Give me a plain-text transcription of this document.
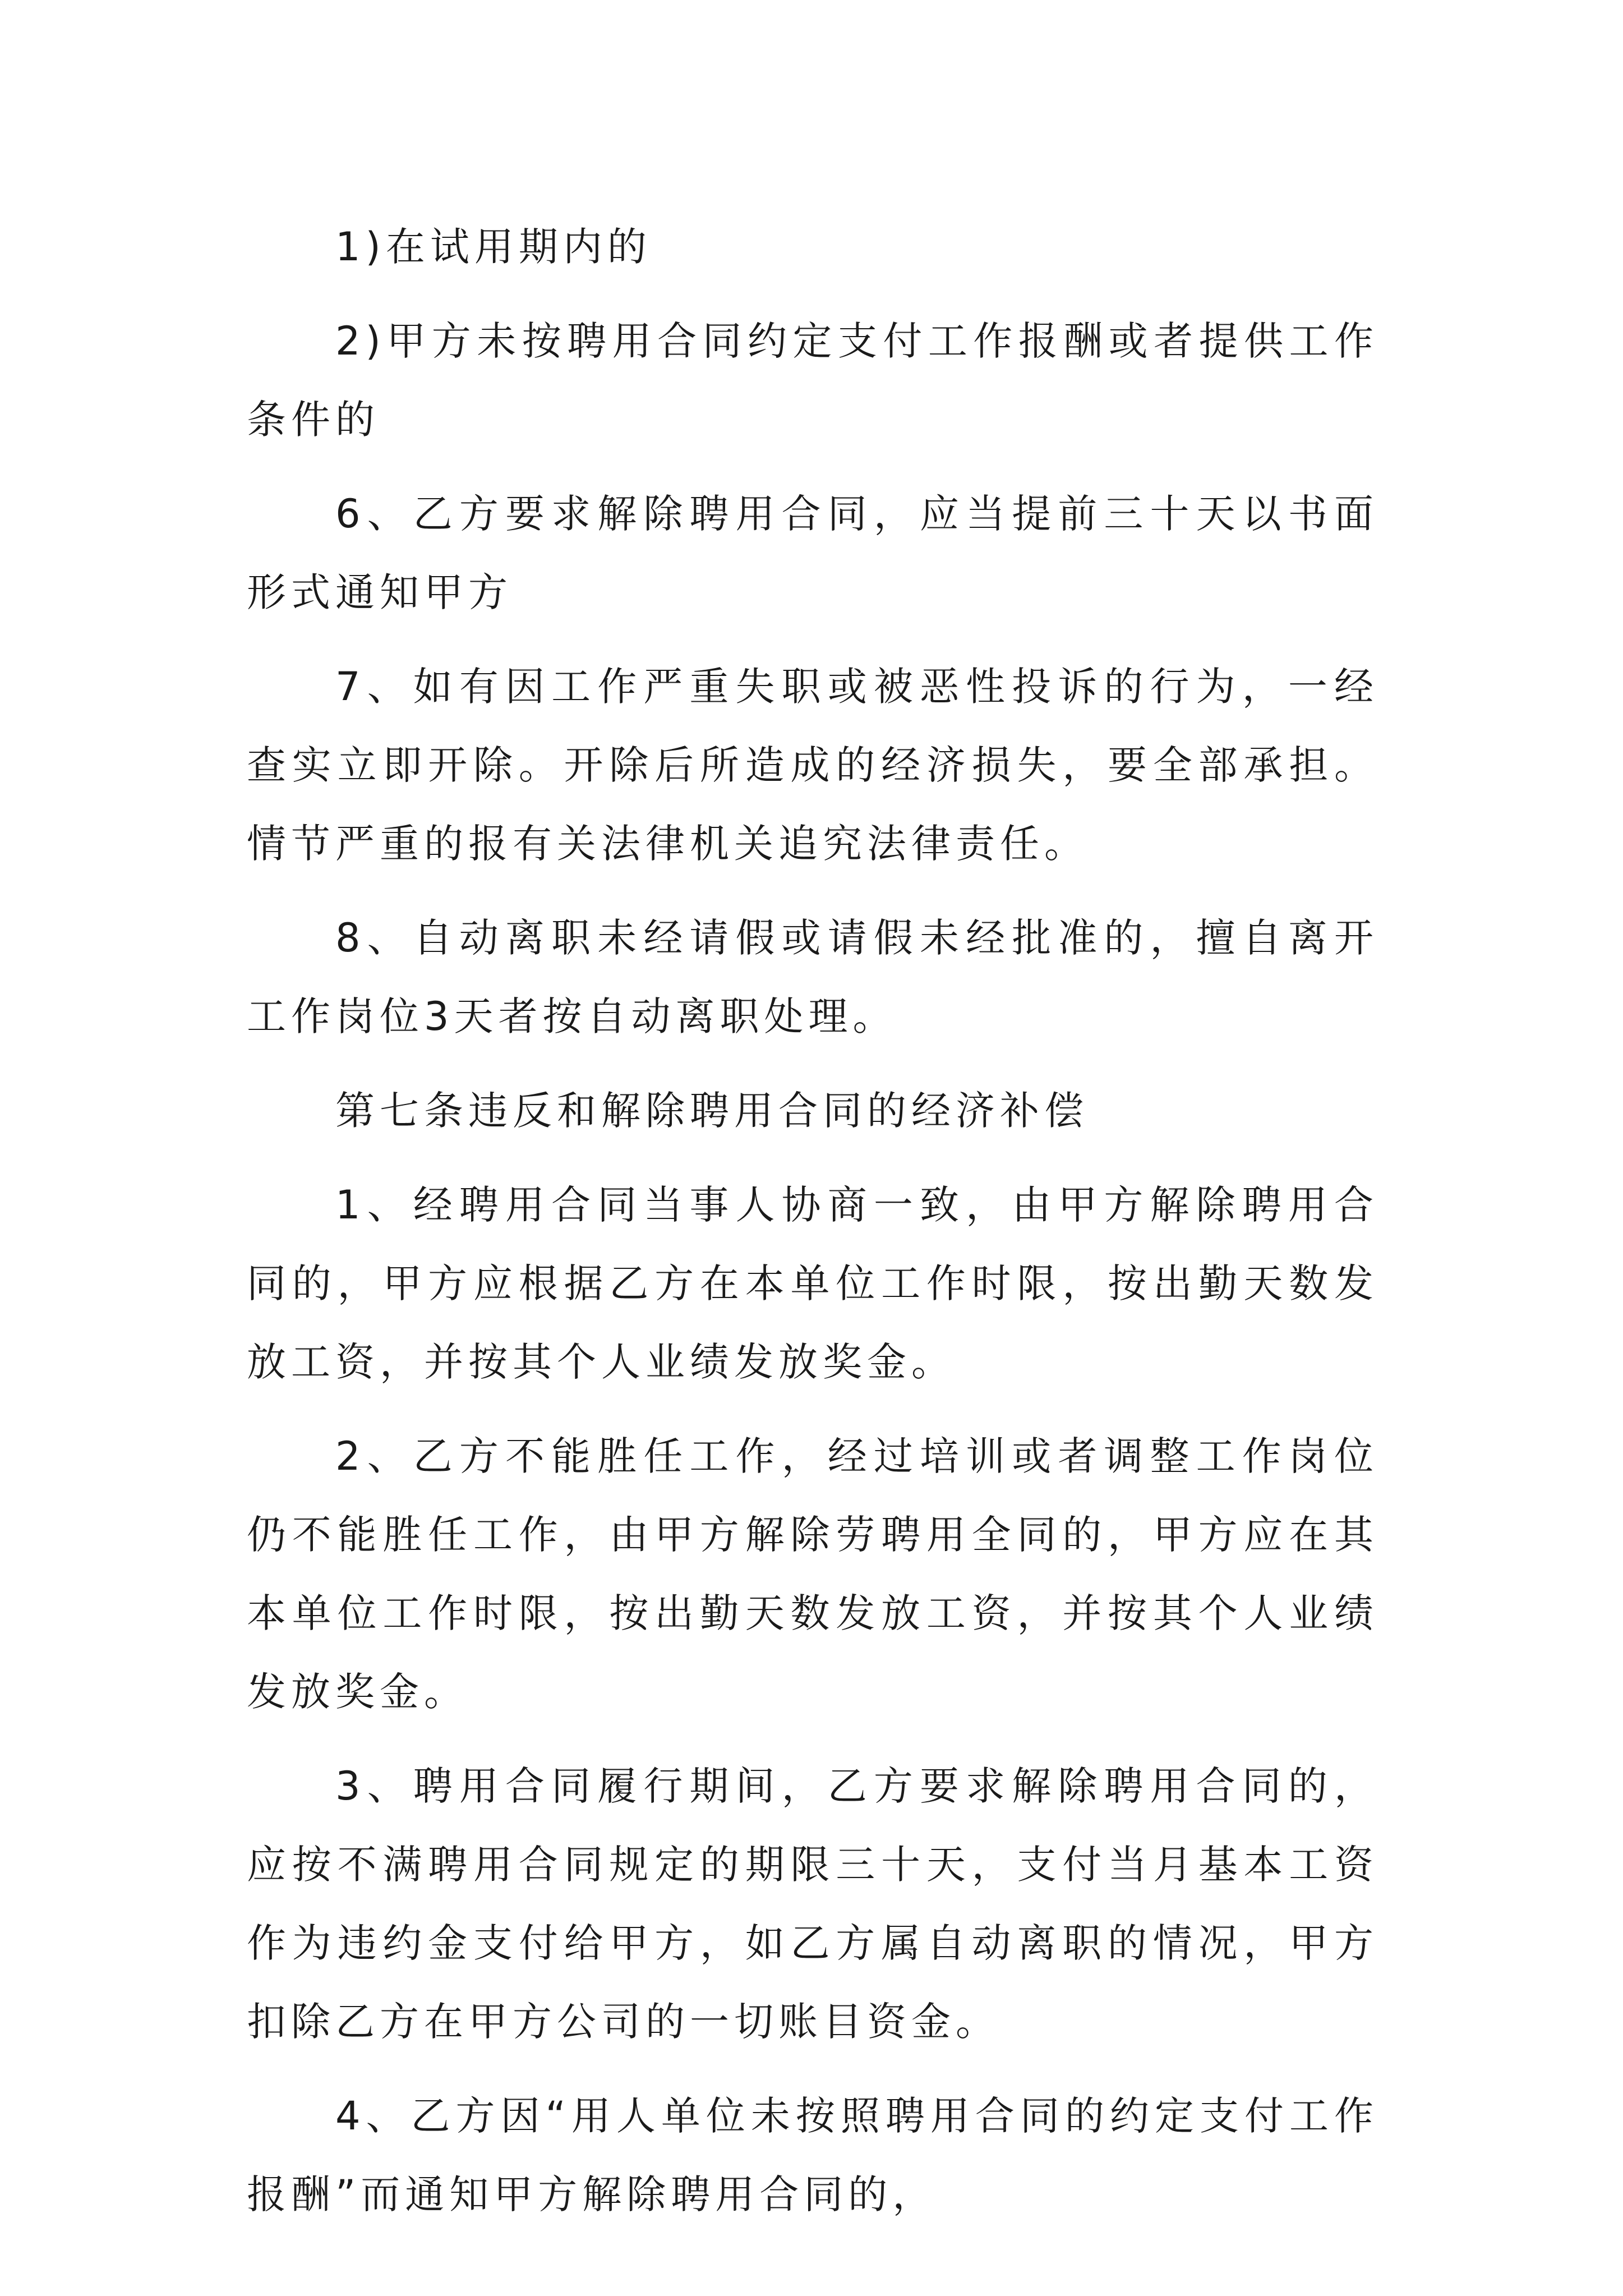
1)在试用期内的

2)甲方未按聘用合同约定支付工作报酬或者提供工作条件的

6、乙方要求解除聘用合同，应当提前三十天以书面形式通知甲方

7、如有因工作严重失职或被恶性投诉的行为，一经查实立即开除。开除后所造成的经济损失，要全部承担。情节严重的报有关法律机关追究法律责任。

8、自动离职未经请假或请假未经批准的，擅自离开工作岗位3天者按自动离职处理。

第七条违反和解除聘用合同的经济补偿

1、经聘用合同当事人协商一致，由甲方解除聘用合同的，甲方应根据乙方在本单位工作时限，按出勤天数发放工资，并按其个人业绩发放奖金。

2、乙方不能胜任工作，经过培训或者调整工作岗位仍不能胜任工作，由甲方解除劳聘用全同的，甲方应在其本单位工作时限，按出勤天数发放工资，并按其个人业绩发放奖金。

3、聘用合同履行期间，乙方要求解除聘用合同的，应按不满聘用合同规定的期限三十天，支付当月基本工资作为违约金支付给甲方，如乙方属自动离职的情况，甲方扣除乙方在甲方公司的一切账目资金。

4、乙方因“用人单位未按照聘用合同的约定支付工作报酬”而通知甲方解除聘用合同的，
